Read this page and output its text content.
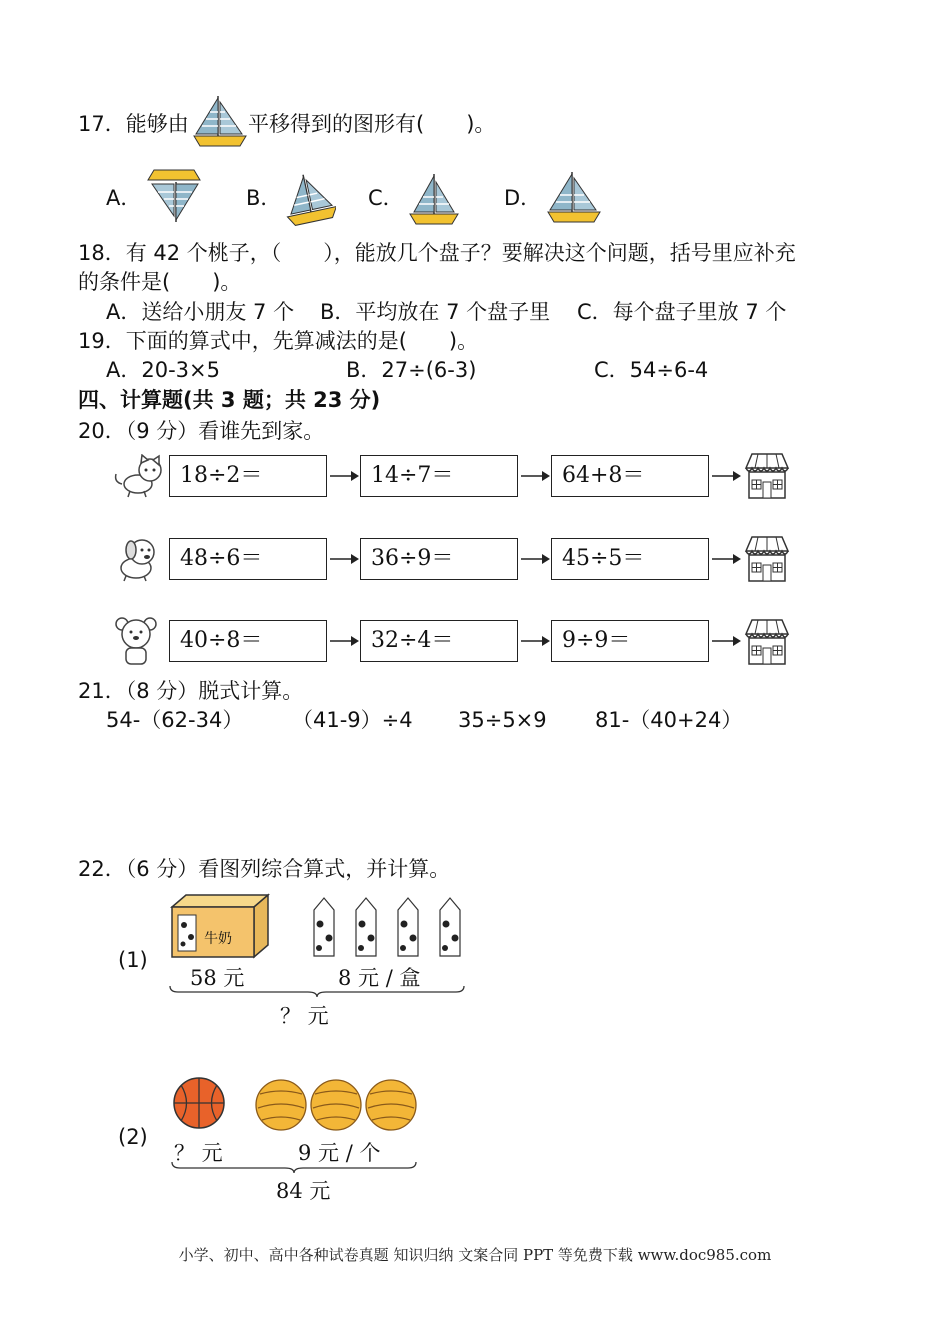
17．能够由	平移得到的图形有(　　)。
A．	B．	C．	D．
18．有 42 个桃子，（　　），能放几个盘子？要解决这个问题，括号里应补充
的条件是(　　)。
A．送给小朋友 7 个 B．平均放在 7 个盘子里 C．每个盘子里放 7 个
19．下面的算式中，先算减法的是(　　)。
A．20-3×5	B．27÷(6-3)	C．54÷6-4
四、计算题(共 3 题；共 23 分)
20．（9 分）看谁先到家。
18÷2＝	14÷7＝	64+8＝
48÷6＝	36÷9＝	45÷5＝
40÷8＝	32÷4＝	9÷9＝
21．（8 分）脱式计算。
54-（62-34） （41-9）÷4 35÷5×9 81-（40+24）
22．（6 分）看图列综合算式，并计算。
(1)
牛奶
58 元	8 元 / 盒
？ 元
(2)
？ 元	9 元 / 个
84 元
小学、初中、高中各种试卷真题 知识归纳 文案合同 PPT 等免费下载 www.doc985.com
